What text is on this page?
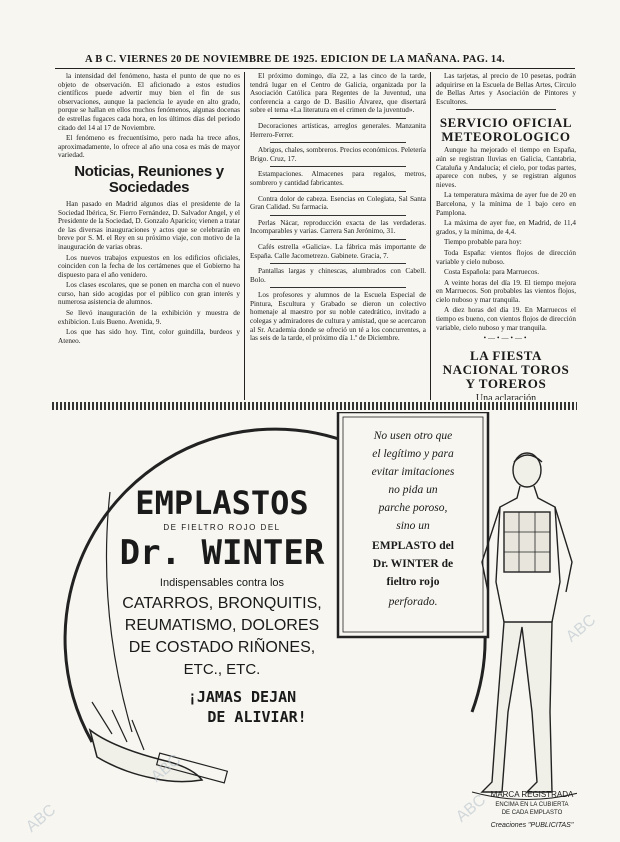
A B C. VIERNES 20 DE NOVIEMBRE DE 1925. EDICION DE LA MAÑANA. PAG. 14.

la intensidad del fenómeno, hasta el punto de que no es objeto de observación. El aficionado a estos estudios científicos puede advertir muy bien el fin de sus observaciones, aunque la paciencia le ayude en alto grado, porque se hallan en ellos muchos fenómenos, algunas docenas de estrellas fugaces cada hora, en los últimos días del periodo citado del 14 al 17 de Noviembre.

El fenómeno es frecuentísimo, pero nada ha trece años, aproximadamente, lo ofrece al año una cosa es más de mayor variedad.

Noticias, Reuniones y Sociedades

Han pasado en Madrid algunos días el presidente de la Sociedad Ibérica, Sr. Fierro Fernández, D. Salvador Angel, y el Presidente de la Sociedad, D. Gonzalo Aparicio; vienen a tratar de las diversas inauguraciones y actos que se celebrarán en breve por S. M. el Rey en su próximo viaje, con motivo de la inauguración de varias obras.

Los nuevos trabajos expuestos en los edificios oficiales, coinciden con la fecha de los certámenes que el Gobierno ha dispuesto para el año venidero.

Los clases escolares, que se ponen en marcha con el nuevo curso, han sido acogidas por el público con gran interés y numerosa asistencia de alumnos.

Se llevó inauguración de la exhibición y muestra de exhibicion. Luis Bueno. Avenida, 9.

Los que has sido hoy. Tint, color guindilla, burdeos y Ateneo.

El próximo domingo, día 22, a las cinco de la tarde, tendrá lugar en el Centro de Galicia, organizada por la Asociación Católica para Regentes de la Juventud, una conferencia a cargo de D. Basilio Álvarez, que disertará sobre el tema «La literatura en el crimen de la juventud».

Decoraciones artísticas, arreglos generales. Manzanita Herrero-Ferrer.

Abrigos, chales, sombreros. Precios económicos. Peletería Brigo. Cruz, 17.

Estampaciones. Almacenes para regalos, metros, sombrero y cantidad fabricantes.

Contra dolor de cabeza. Esencias en Colegiata, Sal Santa Gran Calidad. Su farmacia.

Perlas Nácar, reproducción exacta de las verdaderas. Incomparables y varias. Carrera San Jerónimo, 31.

Cafés estrella «Galicia». La fábrica más importante de España. Calle Jacometrezo. Gabinete. Gracia, 7.

Pantallas largas y chinescas, alumbrados con Cabell. Bolo.

Los profesores y alumnos de la Escuela Especial de Pintura, Escultura y Grabado se dieron un colectivo homenaje al maestro por su noble catedrático, invitado a colegas y admiradores de cultura y amistad, que se acercaron al Sr. Academia donde se ofreció un té a los concurrentes, a las seis de la tarde, el próximo día 1.º de Diciembre.

Las tarjetas, al precio de 10 pesetas, podrán adquirirse en la Escuela de Bellas Artes, Círculo de Bellas Artes y Asociación de Pintores y Escultores.

SERVICIO OFICIAL METEOROLOGICO

Aunque ha mejorado el tiempo en España, aún se registran lluvias en Galicia, Cantabria, Cataluña y Andalucía; el cielo, por todas partes, aparece con nubes, y se registran algunos nieves.

La temperatura máxima de ayer fue de 20 en Barcelona, y la mínima de 1 bajo cero en Pamplona.

La máxima de ayer fue, en Madrid, de 11,4 grados, y la mínima, de 4,4.

Tiempo probable para hoy:

Toda España: vientos flojos de dirección variable y cielo nuboso.

Costa Española: para Marruecos.

A veinte horas del día 19. El tiempo mejora en Marruecos. Son probables las vientos flojos, cielo nuboso y mar tranquila.

A diez horas del día 19. En Marruecos el tiempo es bueno, con vientos flojos de dirección variable, cielo nuboso y mar tranquila.

•—•—•—•
LA FIESTA NACIONAL TOROS Y TOREROS
Una aclaración

EMPLASTOS
DE FIELTRO ROJO DEL
Dr. WINTER
Indispensables contra los
CATARROS, BRONQUITIS,
REUMATISMO, DOLORES
DE COSTADO RIÑONES,
ETC., ETC.
¡JAMAS DEJAN
DE ALIVIAR!
No usen otro que
el legítimo y para
evitar imitaciones
no pida un
parche poroso,
sino un
EMPLASTO del
Dr. WINTER de
fieltro rojo
perforado.
MARCA REGISTRADA
ENCIMA EN LA CUBIERTA
DE CADA EMPLASTO
Creaciones "PUBLICITAS"
ABC
ABC
ABC
ABC
